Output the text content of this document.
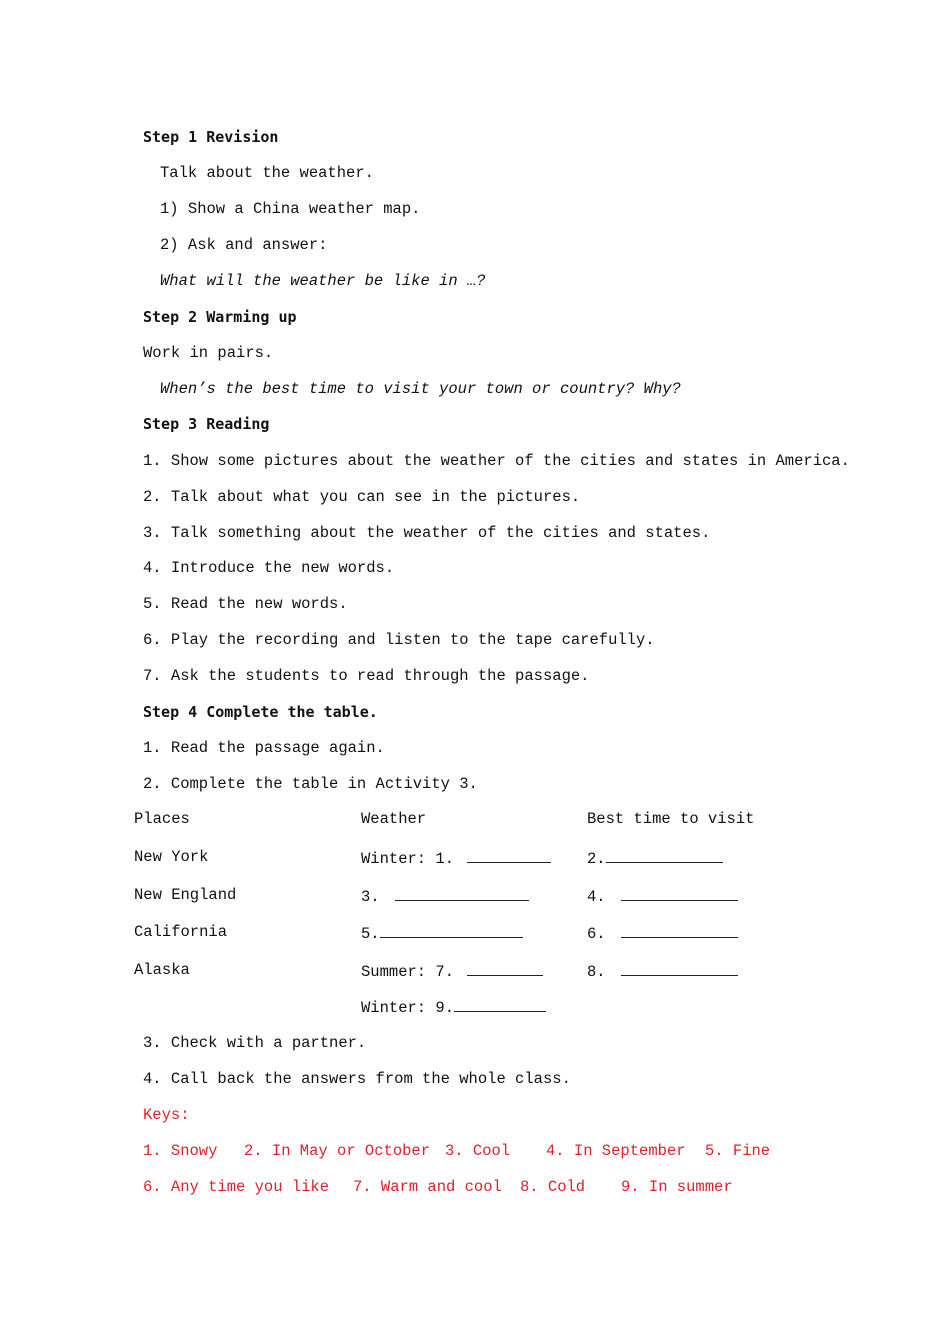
Step 1 Revision
Talk about the weather.
1) Show a China weather map.
2) Ask and answer:
What will the weather be like in …?
Step 2 Warming up
Work in pairs.
When’s the best time to visit your town or country? Why?
Step 3 Reading
1. Show some pictures about the weather of the cities and states in America.
2. Talk about what you can see in the pictures.
3. Talk something about the weather of the cities and states.
4. Introduce the new words.
5. Read the new words.
6. Play the recording and listen to the tape carefully.
7. Ask the students to read through the passage.
Step 4 Complete the table.
1. Read the passage again.
2. Complete the table in Activity 3.
Places	Weather	Best time to visit
New York	Winter: 1.	2.
New England	3.	4.
California	5.	6.
Alaska	Summer: 7.	8.
Winter: 9.
3. Check with a partner.
4. Call back the answers from the whole class.
Keys:

1. Snowy

2. In May or October

3. Cool

4. In September

5. Fine

6. Any time you like

7. Warm and cool

8. Cold

9. In summer
